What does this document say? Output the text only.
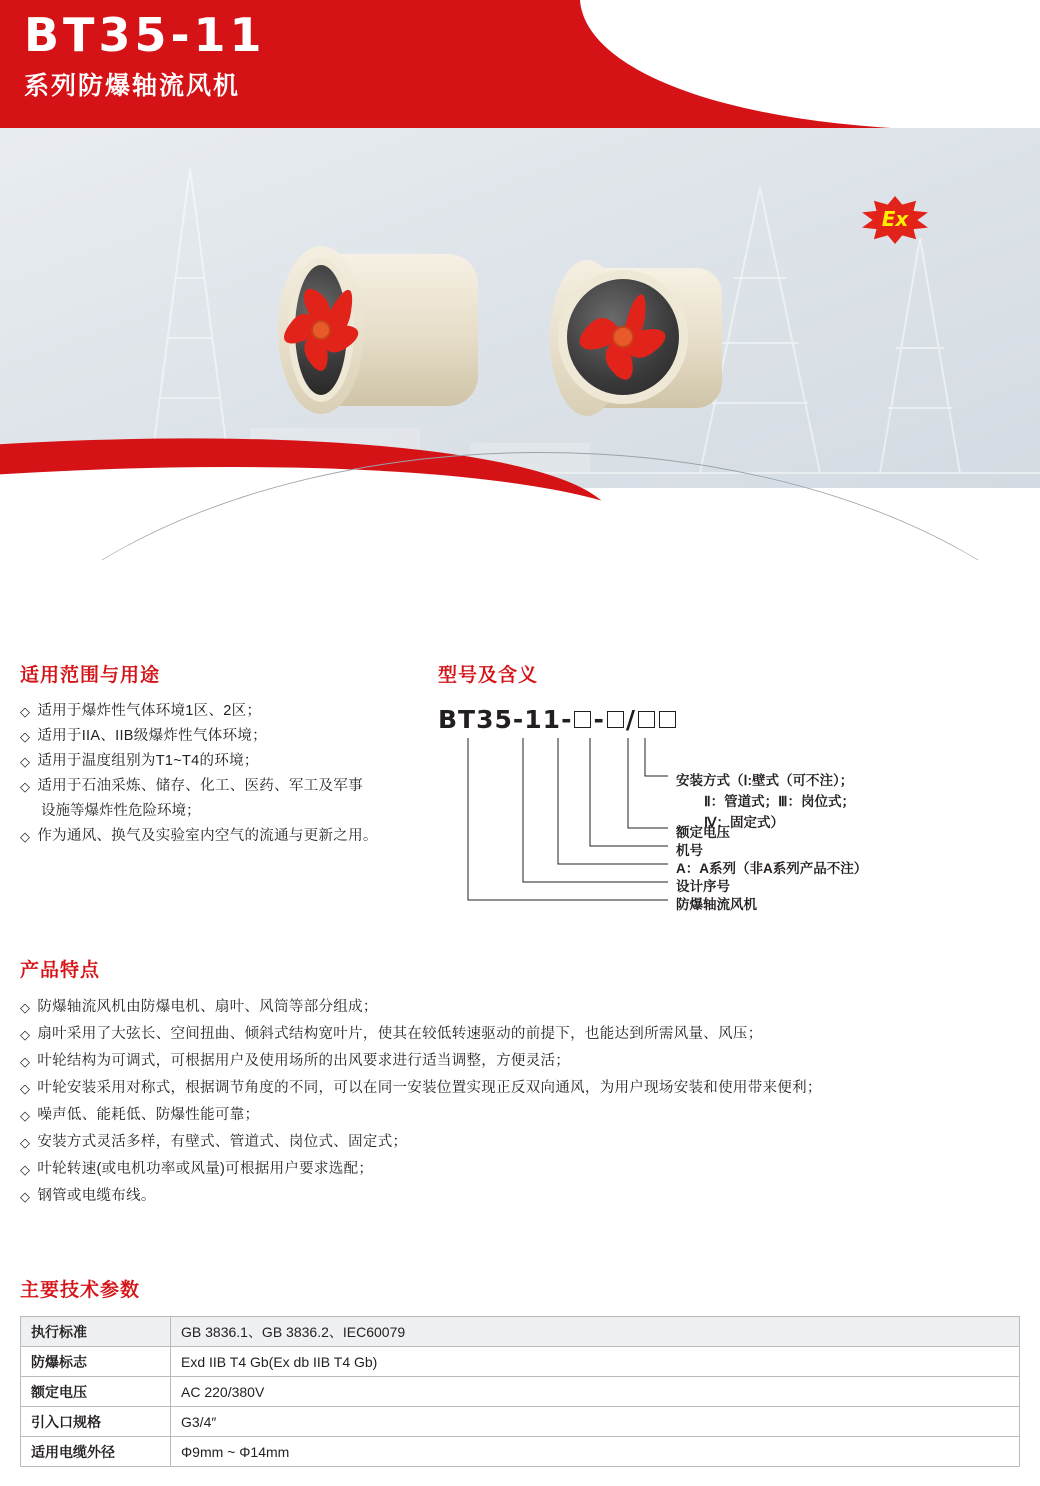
Ex
BT35-11
系列防爆轴流风机
适用范围与用途
◇ 适用于爆炸性气体环境1区、2区；
◇ 适用于IIA、IIB级爆炸性气体环境；
◇ 适用于温度组别为T1~T4的环境；
◇ 适用于石油采炼、储存、化工、医药、军工及军事
设施等爆炸性危险环境；
◇ 作为通风、换气及实验室内空气的流通与更新之用。
型号及含义
BT35-11- - /
安装方式（Ⅰ:壁式（可不注）；
Ⅱ：管道式；Ⅲ：岗位式；
Ⅳ：固定式）
额定电压
机号
A：A系列（非A系列产品不注）
设计序号
防爆轴流风机
产品特点
◇ 防爆轴流风机由防爆电机、扇叶、风筒等部分组成；
◇ 扇叶采用了大弦长、空间扭曲、倾斜式结构宽叶片，使其在较低转速驱动的前提下，也能达到所需风量、风压；
◇ 叶轮结构为可调式，可根据用户及使用场所的出风要求进行适当调整，方便灵活；
◇ 叶轮安装采用对称式，根据调节角度的不同，可以在同一安装位置实现正反双向通风，为用户现场安装和使用带来便利；
◇ 噪声低、能耗低、防爆性能可靠；
◇ 安装方式灵活多样，有壁式、管道式、岗位式、固定式；
◇ 叶轮转速(或电机功率或风量)可根据用户要求选配；
◇ 钢管或电缆布线。
主要技术参数
执行标准	GB 3836.1、GB 3836.2、IEC60079
防爆标志	Exd IIB T4 Gb(Ex db IIB T4 Gb)
额定电压	AC 220/380V
引入口规格	G3/4″
适用电缆外径	Φ9mm ~ Φ14mm
